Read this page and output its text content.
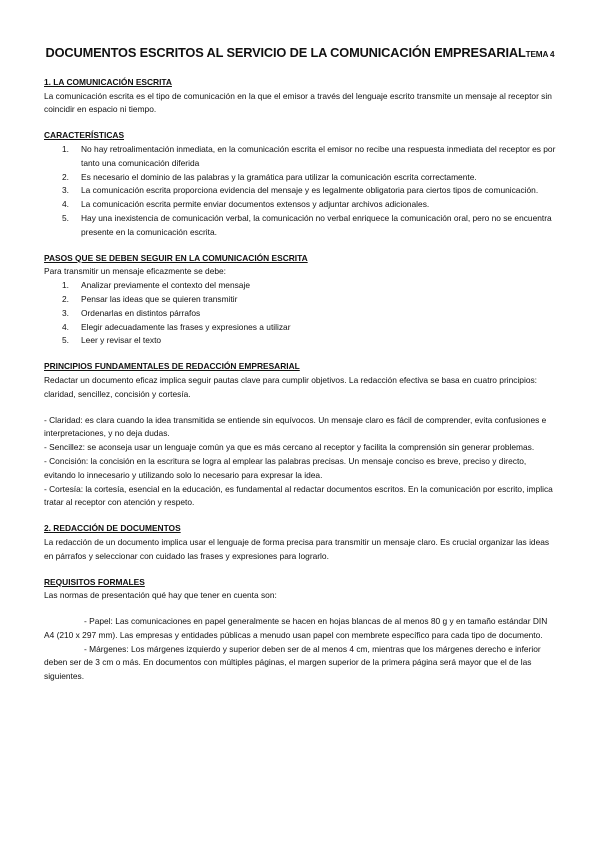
DOCUMENTOS ESCRITOS AL SERVICIO DE LA COMUNICACIÓN EMPRESARIALTEMA 4

1. LA COMUNICACIÓN ESCRITA

La comunicación escrita es el tipo de comunicación en la que el emisor a través del lenguaje escrito transmite un mensaje al receptor sin coincidir en espacio ni tiempo.

CARACTERÍSTICAS

1. No hay retroalimentación inmediata, en la comunicación escrita el emisor no recibe una respuesta inmediata del receptor es por tanto una comunicación diferida
2. Es necesario el dominio de las palabras y la gramática para utilizar la comunicación escrita correctamente.
3. La comunicación escrita proporciona evidencia del mensaje y es legalmente obligatoria para ciertos tipos de comunicación.
4. La comunicación escrita permite enviar documentos extensos y adjuntar archivos adicionales.
5. Hay una inexistencia de comunicación verbal, la comunicación no verbal enriquece la comunicación oral, pero no se encuentra presente en la comunicación escrita.

PASOS QUE SE DEBEN SEGUIR EN LA COMUNICACIÓN ESCRITA

Para transmitir un mensaje eficazmente se debe:

1. Analizar previamente el contexto del mensaje
2. Pensar las ideas que se quieren transmitir
3. Ordenarlas en distintos párrafos
4. Elegir adecuadamente las frases y expresiones a utilizar
5. Leer y revisar el texto

PRINCIPIOS FUNDAMENTALES DE REDACCIÓN EMPRESARIAL

Redactar un documento eficaz implica seguir pautas clave para cumplir objetivos. La redacción efectiva se basa en cuatro principios: claridad, sencillez, concisión y cortesía.

- Claridad: es clara cuando la idea transmitida se entiende sin equívocos. Un mensaje claro es fácil de comprender, evita confusiones e interpretaciones, y no deja dudas.

- Sencillez: se aconseja usar un lenguaje común ya que es más cercano al receptor y facilita la comprensión sin generar problemas.

- Concisión: la concisión en la escritura se logra al emplear las palabras precisas. Un mensaje conciso es breve, preciso y directo, evitando lo innecesario y utilizando solo lo necesario para expresar la idea.

- Cortesía: la cortesía, esencial en la educación, es fundamental al redactar documentos escritos. En la comunicación por escrito, implica tratar al receptor con atención y respeto.

2. REDACCIÓN DE DOCUMENTOS

La redacción de un documento implica usar el lenguaje de forma precisa para transmitir un mensaje claro. Es crucial organizar las ideas en párrafos y seleccionar con cuidado las frases y expresiones para lograrlo.

REQUISITOS FORMALES

Las normas de presentación qué hay que tener en cuenta son:

- Papel: Las comunicaciones en papel generalmente se hacen en hojas blancas de al menos 80 g y en tamaño estándar DIN A4 (210 x 297 mm). Las empresas y entidades públicas a menudo usan papel con membrete específico para cada tipo de documento.

- Márgenes: Los márgenes izquierdo y superior deben ser de al menos 4 cm, mientras que los márgenes derecho e inferior deben ser de 3 cm o más. En documentos con múltiples páginas, el margen superior de la primera página será mayor que el de las siguientes.
